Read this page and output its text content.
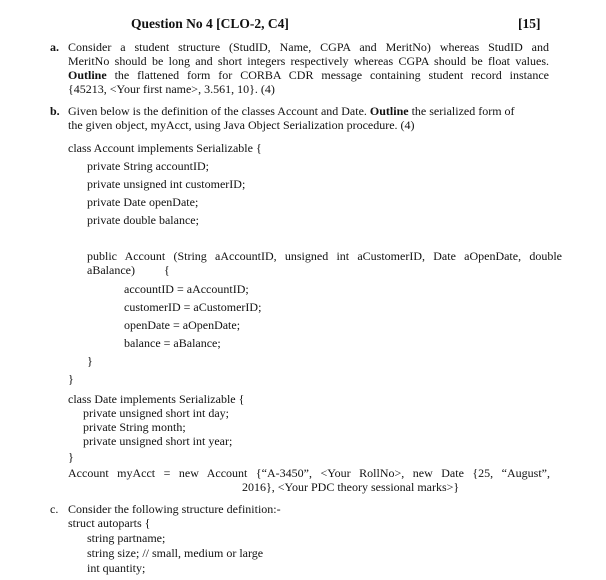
Question No 4 [CLO-2, C4]	[15]
a. Consider a student structure (StudID, Name, CGPA and MeritNo) whereas StudID and
MeritNo should be long and short integers respectively whereas CGPA should be float values.
Outline the flattened form for CORBA CDR message containing student record instance
{45213, <Your first name>, 3.561, 10}. (4)
b. Given below is the definition of the classes Account and Date. Outline the serialized form of
the given object, myAcct, using Java Object Serialization procedure. (4)
class Account implements Serializable {
private String accountID;
private unsigned int customerID;
private Date openDate;
private double balance;
public Account (String aAccountID, unsigned int aCustomerID, Date aOpenDate, double
aBalance) {
accountID = aAccountID;
customerID = aCustomerID;
openDate = aOpenDate;
balance = aBalance;
}
}
class Date implements Serializable {
private unsigned short int day;
private String month;
private unsigned short int year;
}
Account myAcct = new Account {“A-3450”, <Your RollNo>, new Date {25, “August”,
2016}, <Your PDC theory sessional marks>}
c. Consider the following structure definition:-
struct autoparts {
string partname;
string size; // small, medium or large
int quantity;
